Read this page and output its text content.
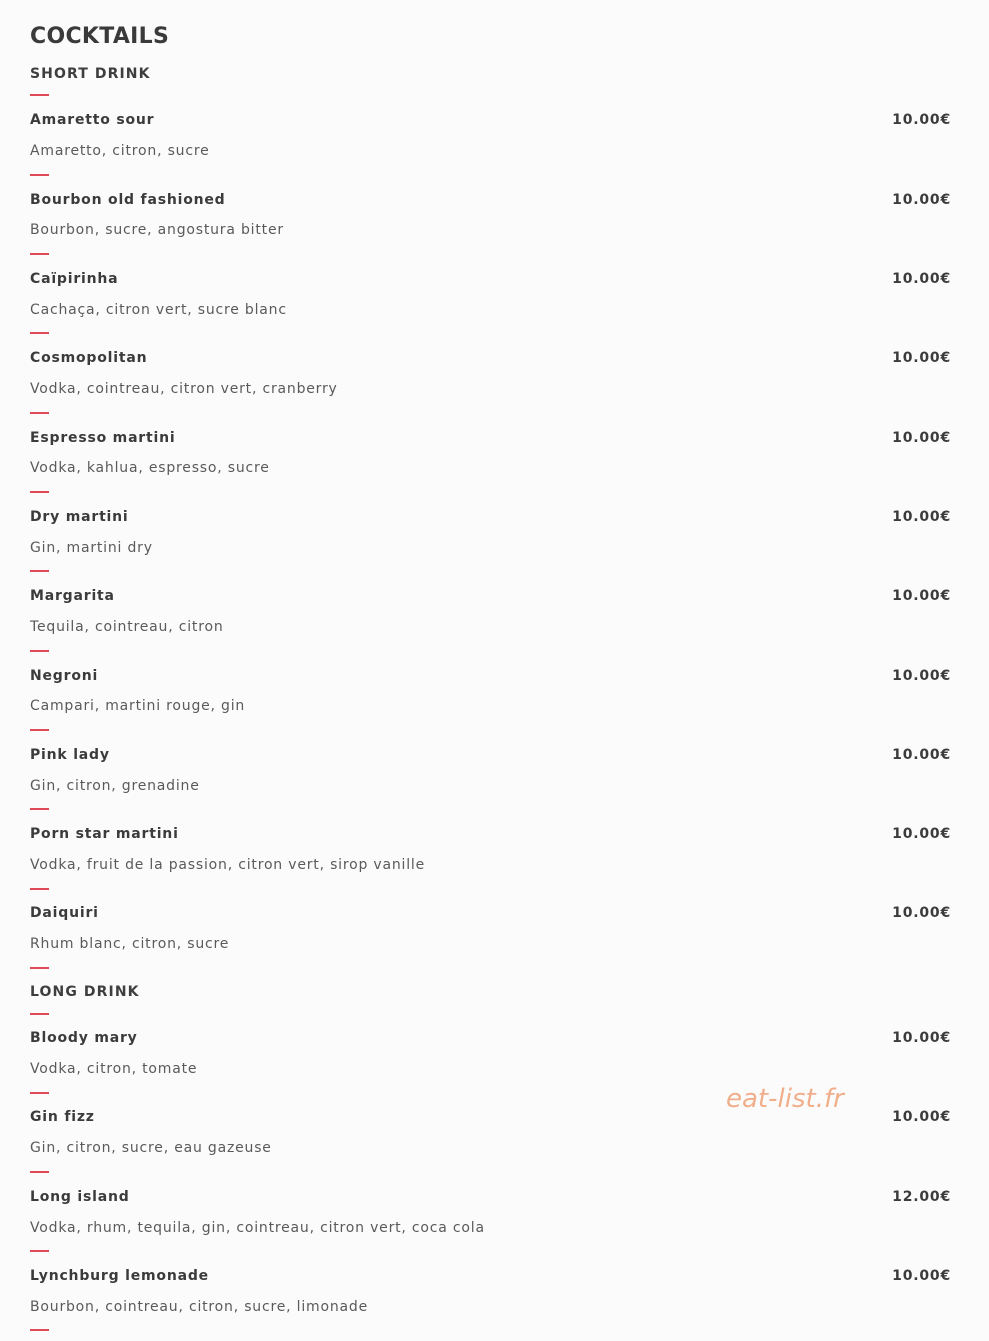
COCKTAILS
SHORT DRINK
Amaretto sour	10.00€
Amaretto, citron, sucre
Bourbon old fashioned	10.00€
Bourbon, sucre, angostura bitter
Caïpirinha	10.00€
Cachaça, citron vert, sucre blanc
Cosmopolitan	10.00€
Vodka, cointreau, citron vert, cranberry
Espresso martini	10.00€
Vodka, kahlua, espresso, sucre
Dry martini	10.00€
Gin, martini dry
Margarita	10.00€
Tequila, cointreau, citron
Negroni	10.00€
Campari, martini rouge, gin
Pink lady	10.00€
Gin, citron, grenadine
Porn star martini	10.00€
Vodka, fruit de la passion, citron vert, sirop vanille
Daiquiri	10.00€
Rhum blanc, citron, sucre
LONG DRINK
Bloody mary	10.00€
Vodka, citron, tomate
Gin fizz	10.00€
Gin, citron, sucre, eau gazeuse
Long island	12.00€
Vodka, rhum, tequila, gin, cointreau, citron vert, coca cola
Lynchburg lemonade	10.00€
Bourbon, cointreau, citron, sucre, limonade
eat-list.fr
